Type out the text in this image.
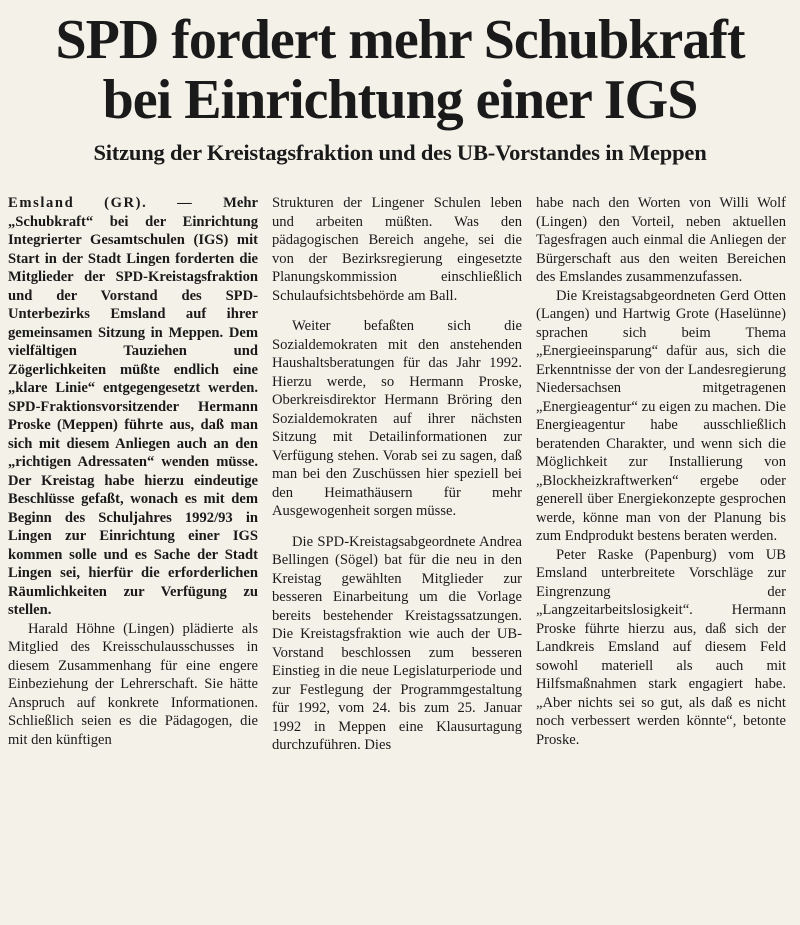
SPD fordert mehr Schubkraft
bei Einrichtung einer IGS
Sitzung der Kreistagsfraktion und des UB-Vorstandes in Meppen

Emsland (GR). — Mehr „Schubkraft“ bei der Einrichtung Integrierter Gesamtschulen (IGS) mit Start in der Stadt Lingen forderten die Mitglieder der SPD-Kreistagsfraktion und der Vorstand des SPD-Unterbezirks Emsland auf ihrer gemeinsamen Sitzung in Meppen. Dem vielfältigen Tauziehen und Zögerlichkeiten müßte endlich eine „klare Linie“ entgegengesetzt werden. SPD-Fraktionsvorsitzender Hermann Proske (Meppen) führte aus, daß man sich mit diesem Anliegen auch an den „richtigen Adressaten“ wenden müsse. Der Kreistag habe hierzu eindeutige Beschlüsse gefaßt, wonach es mit dem Beginn des Schuljahres 1992/93 in Lingen zur Einrichtung einer IGS kommen solle und es Sache der Stadt Lingen sei, hierfür die erforderlichen Räumlichkeiten zur Verfügung zu stellen.

Harald Höhne (Lingen) plädierte als Mitglied des Kreisschulausschusses in diesem Zusammenhang für eine engere Einbeziehung der Lehrerschaft. Sie hätte Anspruch auf konkrete Informationen. Schließlich seien es die Pädagogen, die mit den künftigen

Strukturen der Lingener Schulen leben und arbeiten müßten. Was den pädagogischen Bereich angehe, sei die von der Bezirksregierung eingesetzte Planungskommission einschließlich Schulaufsichtsbehörde am Ball.

Weiter befaßten sich die Sozialdemokraten mit den anstehenden Haushaltsberatungen für das Jahr 1992. Hierzu werde, so Hermann Proske, Oberkreisdirektor Hermann Bröring den Sozialdemokraten auf ihrer nächsten Sitzung mit Detailinformationen zur Verfügung stehen. Vorab sei zu sagen, daß man bei den Zuschüssen hier speziell bei den Heimathäusern für mehr Ausgewogenheit sorgen müsse.

Die SPD-Kreistagsabgeordnete Andrea Bellingen (Sögel) bat für die neu in den Kreistag gewählten Mitglieder zur besseren Einarbeitung um die Vorlage bereits bestehender Kreistagssatzungen. Die Kreistagsfraktion wie auch der UB-Vorstand beschlossen zum besseren Einstieg in die neue Legislaturperiode und zur Festlegung der Programmgestaltung für 1992, vom 24. bis zum 25. Januar 1992 in Meppen eine Klausurtagung durchzuführen. Dies

habe nach den Worten von Willi Wolf (Lingen) den Vorteil, neben aktuellen Tagesfragen auch einmal die Anliegen der Bürgerschaft aus den weiten Bereichen des Emslandes zusammenzufassen.

Die Kreistagsabgeordneten Gerd Otten (Langen) und Hartwig Grote (Haselünne) sprachen sich beim Thema „Energieeinsparung“ dafür aus, sich die Erkenntnisse der von der Landesregierung Niedersachsen mitgetragenen „Energieagentur“ zu eigen zu machen. Die Energieagentur habe ausschließlich beratenden Charakter, und wenn sich die Möglichkeit zur Installierung von „Blockheizkraftwerken“ ergebe oder generell über Energiekonzepte gesprochen werde, könne man von der Planung bis zum Endprodukt bestens beraten werden.

Peter Raske (Papenburg) vom UB Emsland unterbreitete Vorschläge zur Eingrenzung der „Langzeitarbeitslosigkeit“. Hermann Proske führte hierzu aus, daß sich der Landkreis Emsland auf diesem Feld sowohl materiell als auch mit Hilfsmaßnahmen stark engagiert habe. „Aber nichts sei so gut, als daß es nicht noch verbessert werden könnte“, betonte Proske.
